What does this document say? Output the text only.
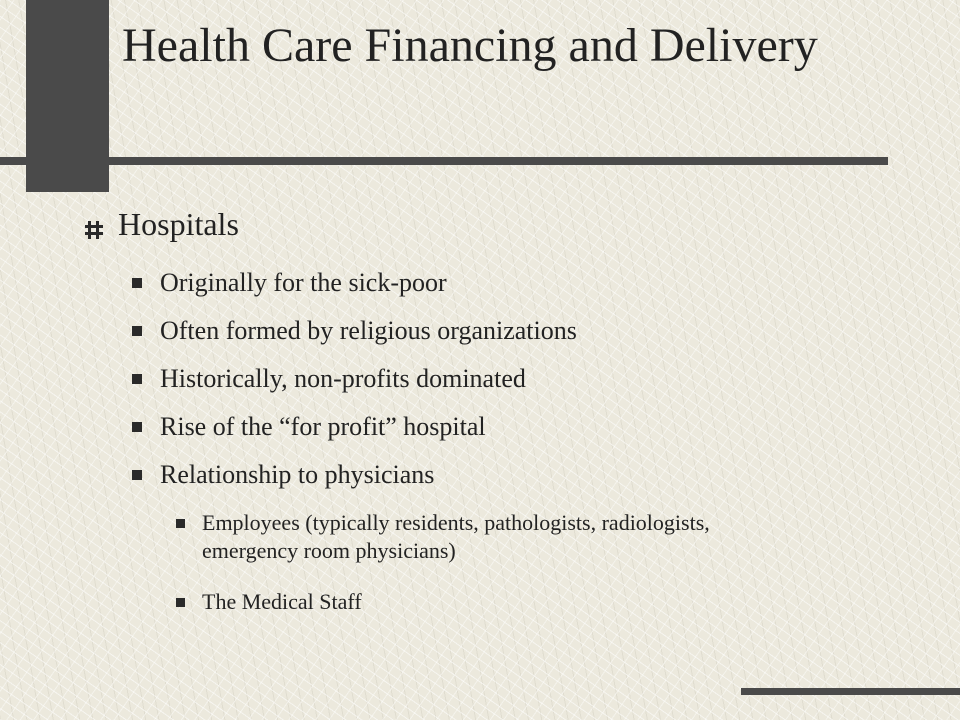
Health Care Financing and Delivery
Hospitals
Originally for the sick-poor
Often formed by religious organizations
Historically, non-profits dominated
Rise of the “for profit” hospital
Relationship to physicians
Employees (typically residents, pathologists, radiologists, emergency room physicians)
The Medical Staff
